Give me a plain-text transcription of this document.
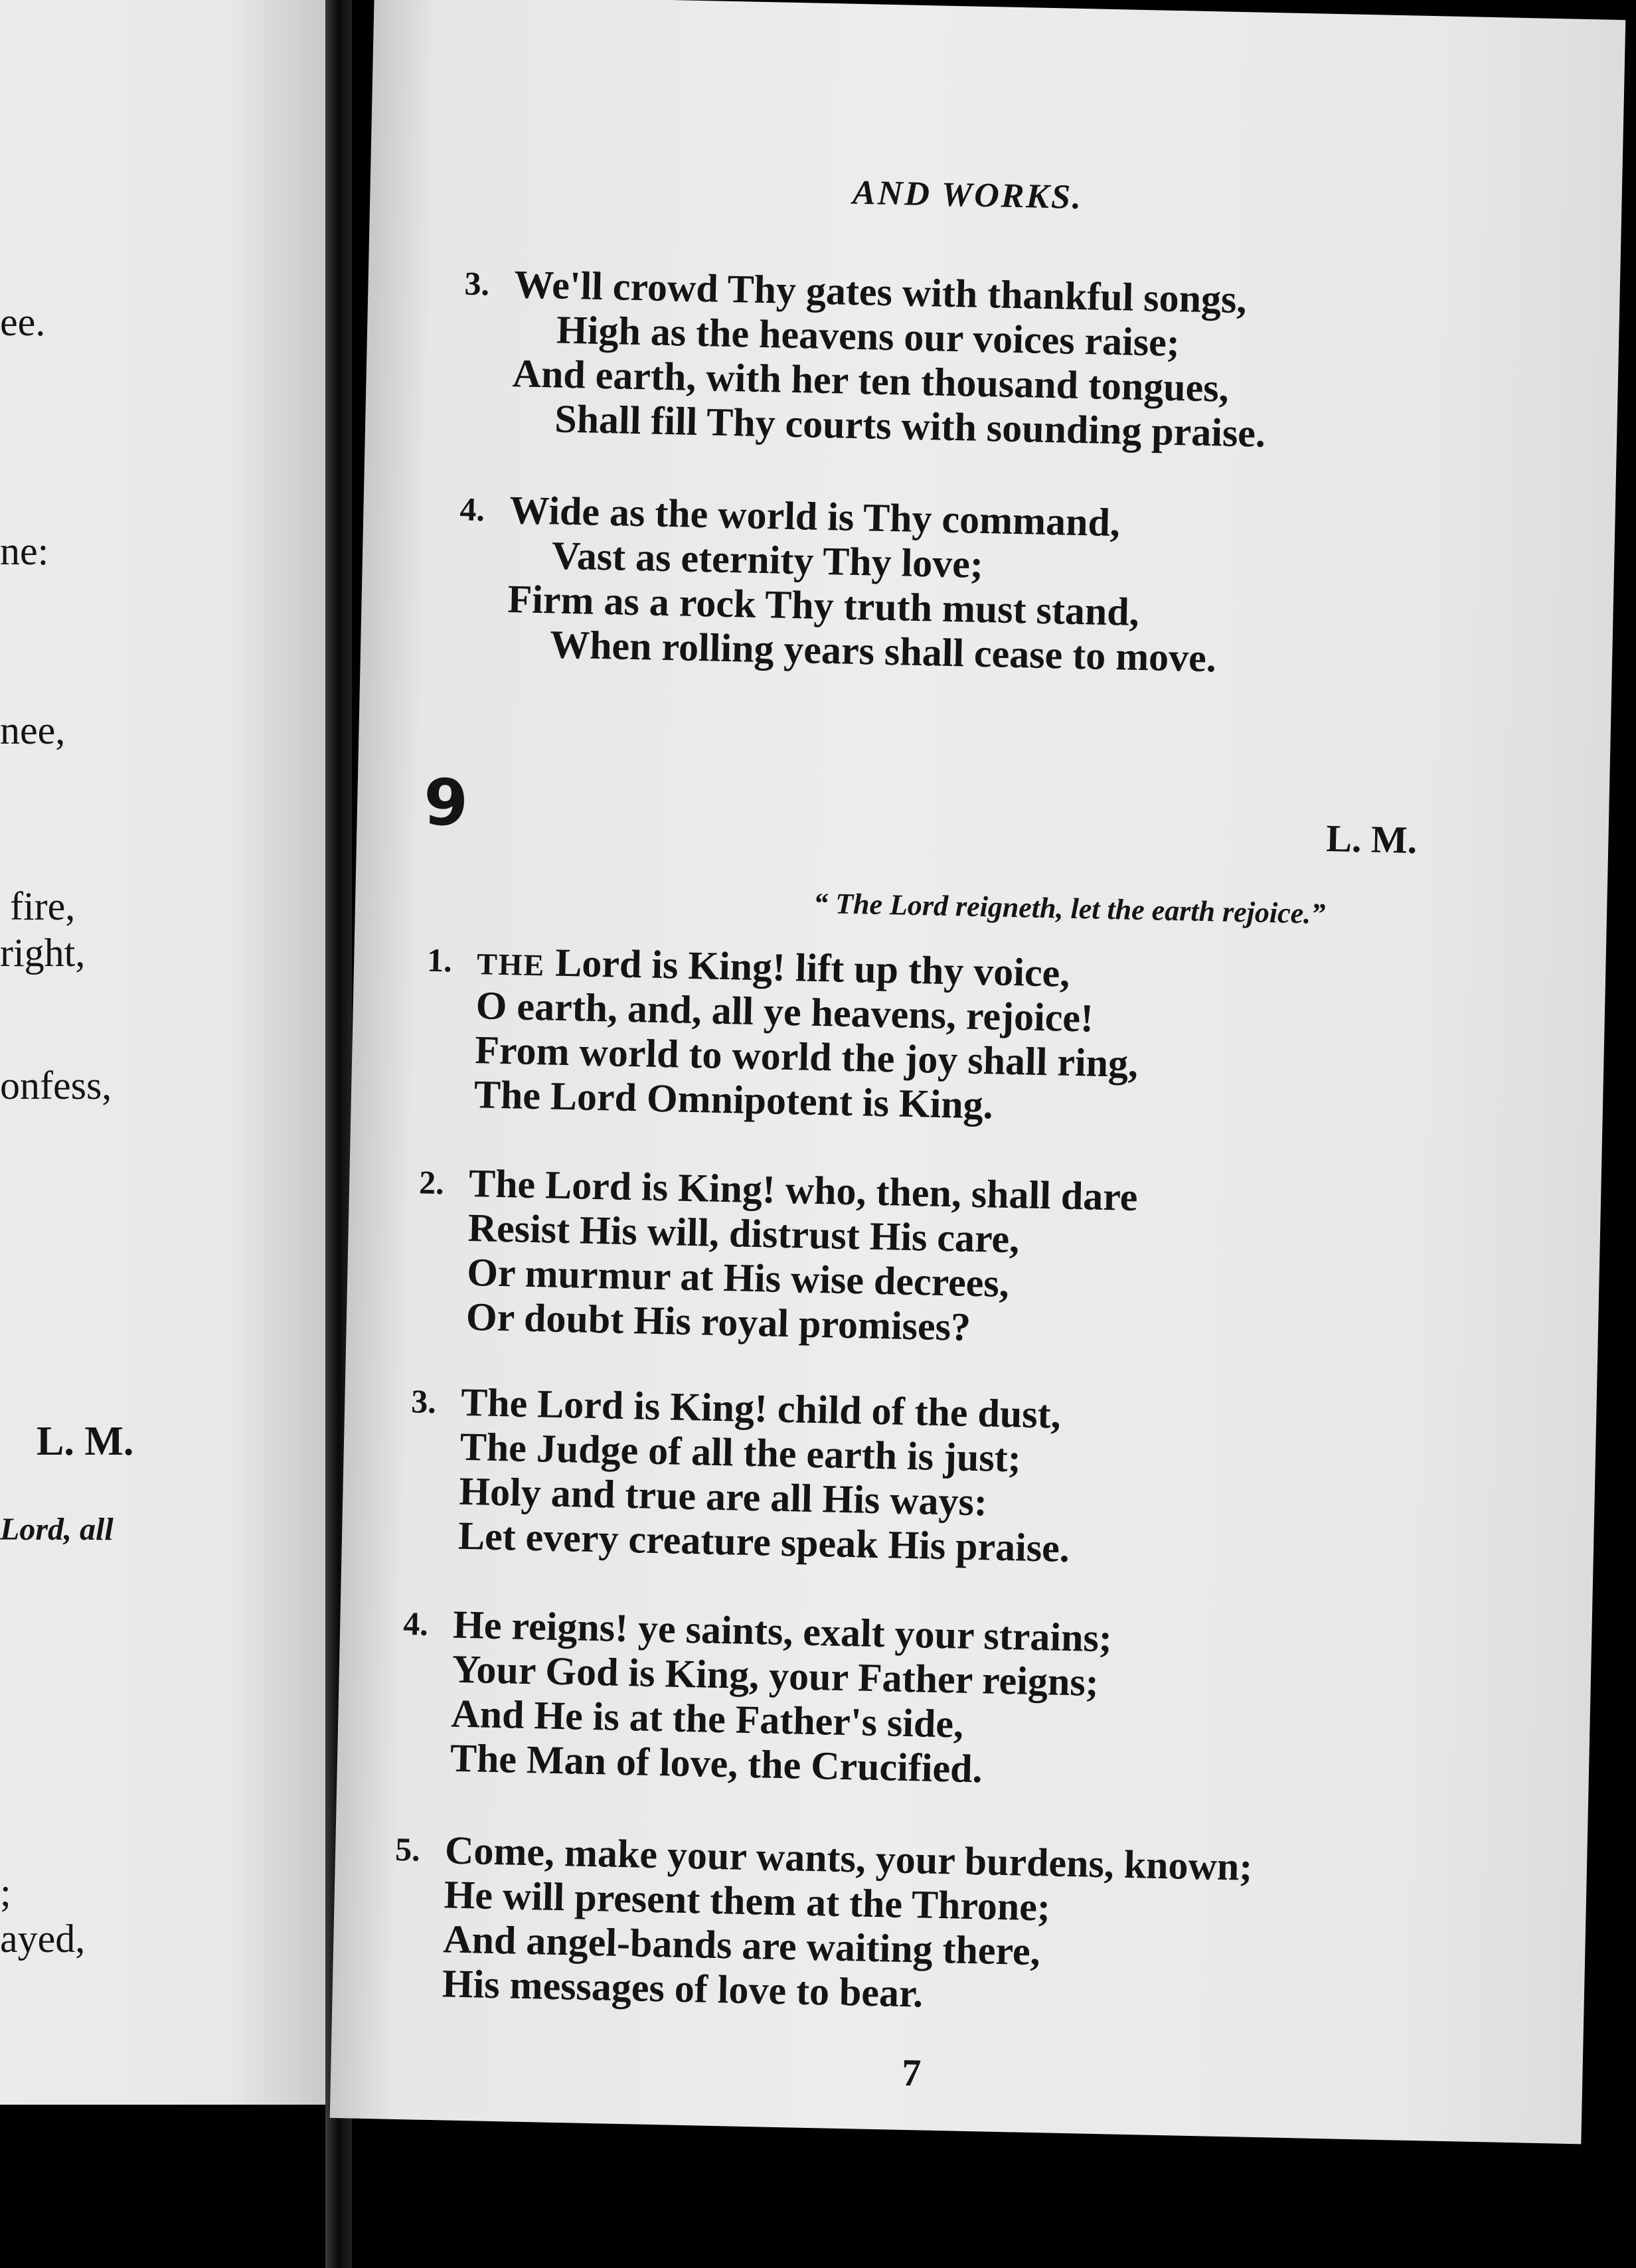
ee.
ne:
nee,
fire,
right,
onfess,
L. M.
Lord, all
;
ayed,
AND WORKS.
3. We'll crowd Thy gates with thankful songs,
High as the heavens our voices raise;
And earth, with her ten thousand tongues,
Shall fill Thy courts with sounding praise.
4. Wide as the world is Thy command,
Vast as eternity Thy love;
Firm as a rock Thy truth must stand,
When rolling years shall cease to move.
9	L. M.
“ The Lord reigneth, let the earth rejoice.”
1. THE Lord is King! lift up thy voice,
O earth, and, all ye heavens, rejoice!
From world to world the joy shall ring,
The Lord Omnipotent is King.
2. The Lord is King! who, then, shall dare
Resist His will, distrust His care,
Or murmur at His wise decrees,
Or doubt His royal promises?
3. The Lord is King! child of the dust,
The Judge of all the earth is just;
Holy and true are all His ways:
Let every creature speak His praise.
4. He reigns! ye saints, exalt your strains;
Your God is King, your Father reigns;
And He is at the Father's side,
The Man of love, the Crucified.
5. Come, make your wants, your burdens, known;
He will present them at the Throne;
And angel-bands are waiting there,
His messages of love to bear.
7
